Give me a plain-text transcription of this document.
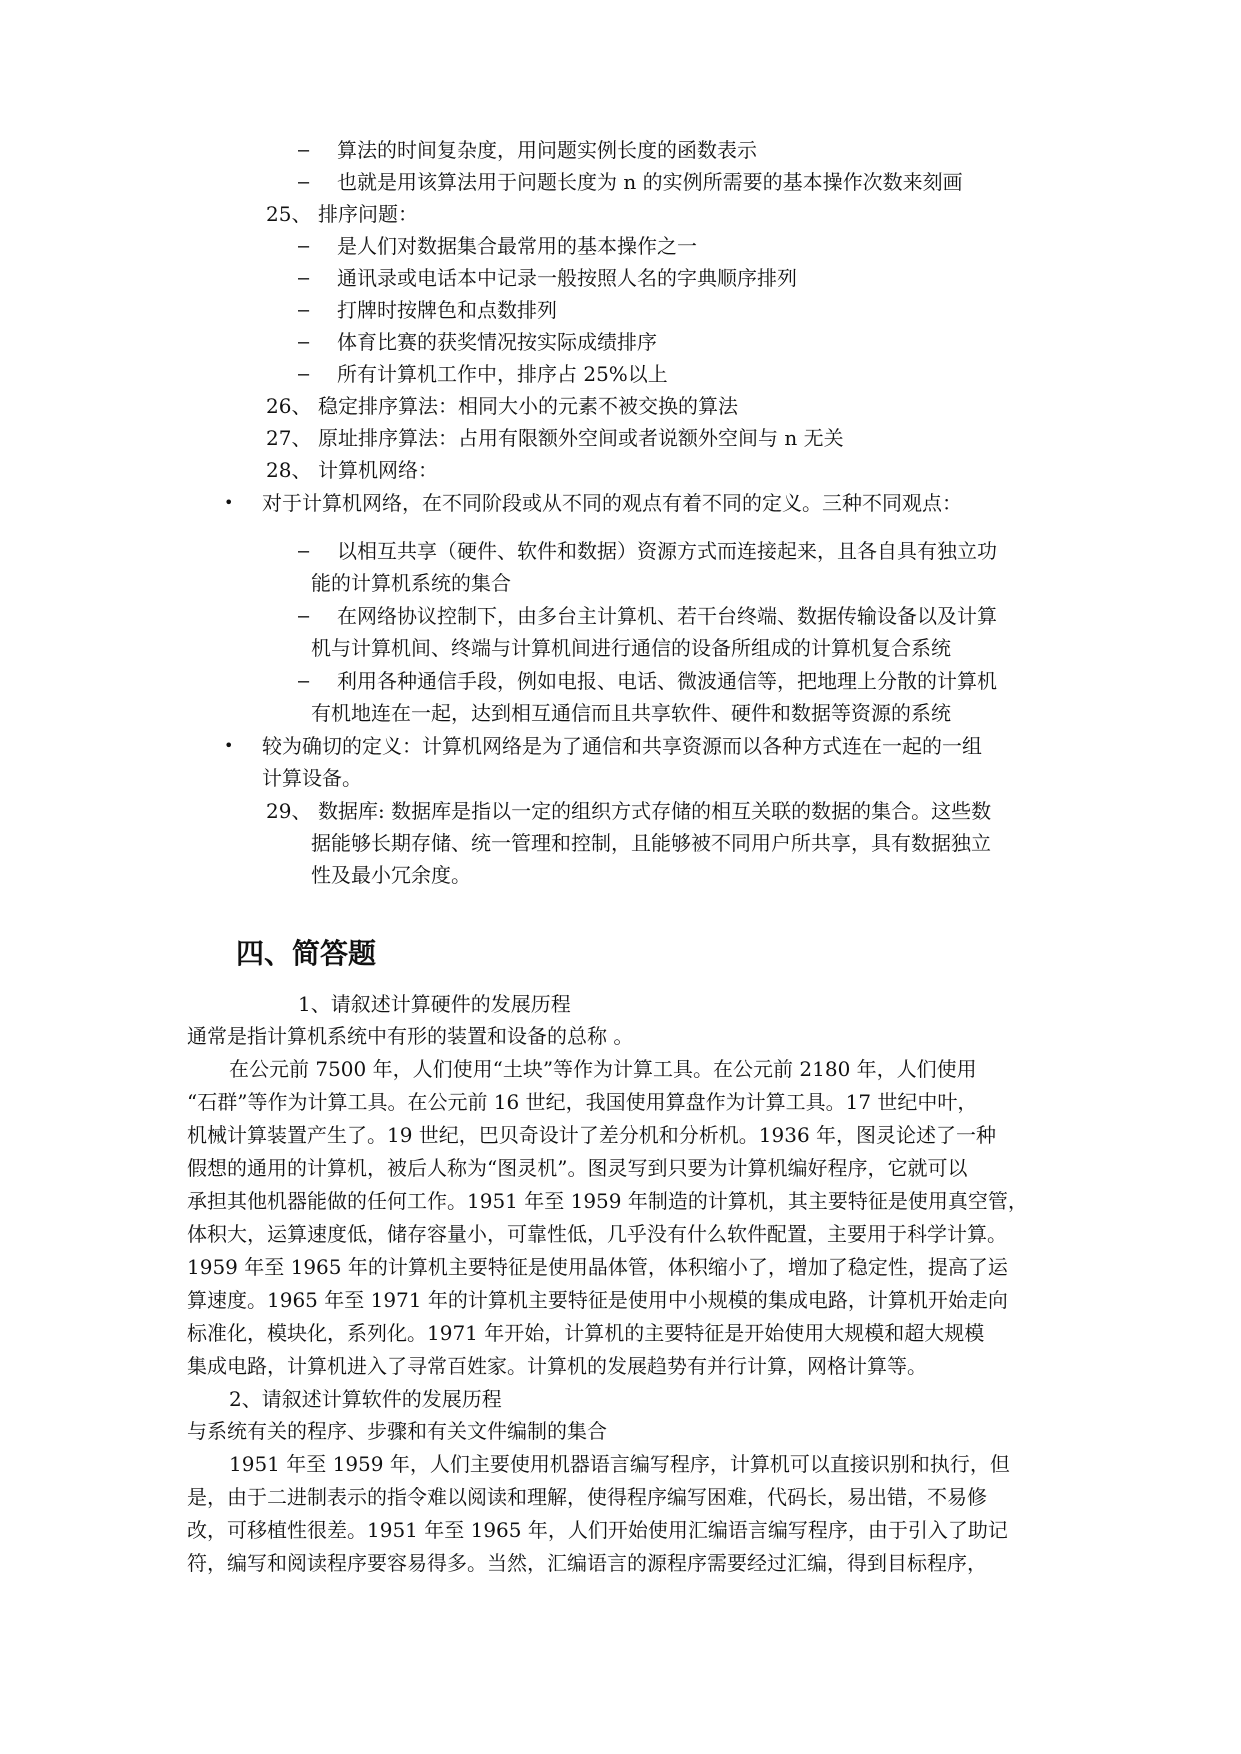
– 算法的时间复杂度，用问题实例长度的函数表示
– 也就是用该算法用于问题长度为 n 的实例所需要的基本操作次数来刻画
25、 排序问题：
– 是人们对数据集合最常用的基本操作之一
– 通讯录或电话本中记录一般按照人名的字典顺序排列
– 打牌时按牌色和点数排列
– 体育比赛的获奖情况按实际成绩排序
– 所有计算机工作中，排序占 25%以上
26、 稳定排序算法：相同大小的元素不被交换的算法
27、 原址排序算法：占用有限额外空间或者说额外空间与 n 无关
28、 计算机网络：
• 对于计算机网络，在不同阶段或从不同的观点有着不同的定义。三种不同观点：
– 以相互共享（硬件、软件和数据）资源方式而连接起来，且各自具有独立功
能的计算机系统的集合
– 在网络协议控制下，由多台主计算机、若干台终端、数据传输设备以及计算
机与计算机间、终端与计算机间进行通信的设备所组成的计算机复合系统
– 利用各种通信手段，例如电报、电话、微波通信等，把地理上分散的计算机
有机地连在一起，达到相互通信而且共享软件、硬件和数据等资源的系统
• 较为确切的定义：计算机网络是为了通信和共享资源而以各种方式连在一起的一组
计算设备。
29、 数据库: 数据库是指以一定的组织方式存储的相互关联的数据的集合。这些数
据能够长期存储、统一管理和控制，且能够被不同用户所共享，具有数据独立
性及最小冗余度。
四、简答题
1、请叙述计算硬件的发展历程
通常是指计算机系统中有形的装置和设备的总称 。
在公元前 7500 年，人们使用“土块”等作为计算工具。在公元前 2180 年，人们使用
“石群”等作为计算工具。在公元前 16 世纪，我国使用算盘作为计算工具。17 世纪中叶，
机械计算装置产生了。19 世纪，巴贝奇设计了差分机和分析机。1936 年，图灵论述了一种
假想的通用的计算机，被后人称为“图灵机”。图灵写到只要为计算机编好程序，它就可以
承担其他机器能做的任何工作。1951 年至 1959 年制造的计算机，其主要特征是使用真空管，
体积大，运算速度低，储存容量小，可靠性低，几乎没有什么软件配置，主要用于科学计算。
1959 年至 1965 年的计算机主要特征是使用晶体管，体积缩小了，增加了稳定性，提高了运
算速度。1965 年至 1971 年的计算机主要特征是使用中小规模的集成电路，计算机开始走向
标准化，模块化，系列化。1971 年开始，计算机的主要特征是开始使用大规模和超大规模
集成电路，计算机进入了寻常百姓家。计算机的发展趋势有并行计算，网格计算等。
2、请叙述计算软件的发展历程
与系统有关的程序、步骤和有关文件编制的集合
1951 年至 1959 年，人们主要使用机器语言编写程序，计算机可以直接识别和执行，但
是，由于二进制表示的指令难以阅读和理解，使得程序编写困难，代码长，易出错，不易修
改，可移植性很差。1951 年至 1965 年，人们开始使用汇编语言编写程序，由于引入了助记
符，编写和阅读程序要容易得多。当然，汇编语言的源程序需要经过汇编，得到目标程序，
